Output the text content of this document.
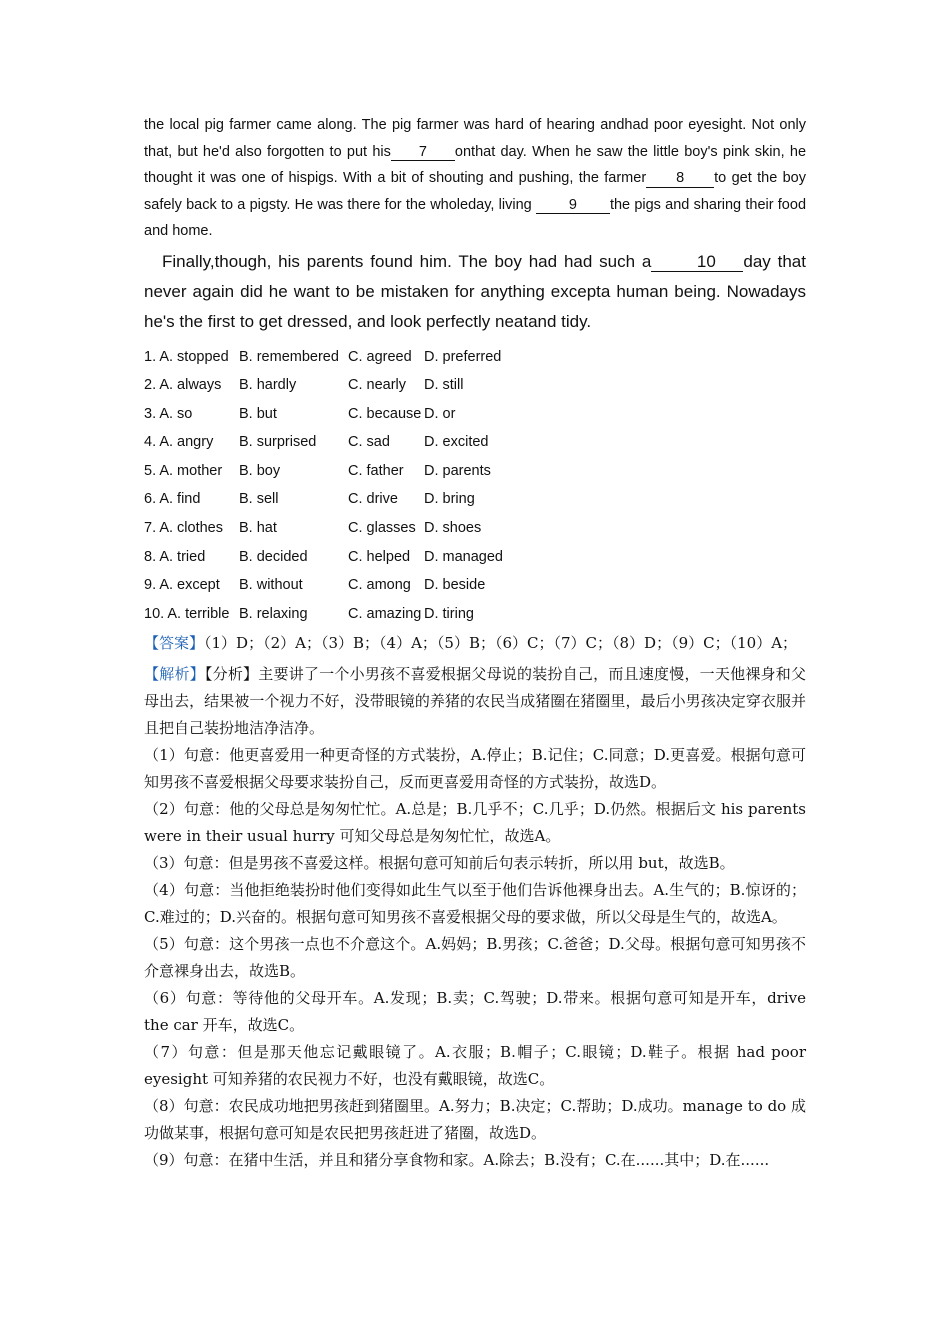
the local pig farmer came along. The pig farmer was hard of hearing andhad poor eyesight. Not only that, but he'd also forgotten to put his 7 onthat day. When he saw the little boy's pink skin, he thought it was one of hispigs. With a bit of shouting and pushing, the farmer 8 to get the boy safely back to a pigsty. He was there for the wholeday, living	9 the pigs and sharing their food and home.

Finally,though, his parents found him. The boy had had such a	10 day that never again did he want to be mistaken for anything excepta human being. Nowadays he's the first to get dressed, and look perfectly neatand tidy.

1. A. stopped B. remembered C. agreed D. preferred
2. A. always	B. hardly	C. nearly	D. still
3. A. so	B. but	C. because D. or
4. A. angry	B. surprised	C. sad	D. excited
5. A. mother	B. boy	C. father	D. parents
6. A. find	B. sell	C. drive	D. bring
7. A. clothes	B. hat	C. glasses D. shoes
8. A. tried	B. decided	C. helped D. managed
9. A. except	B. without	C. among D. beside
10. A. terrible B. relaxing	C. amazing D. tiring

【答案】（1）D；（2）A；（3）B；（4）A；（5）B；（6）C；（7）C；（8）D；（9）C；（10）A；

【解析】【分析】主要讲了一个小男孩不喜爱根据父母说的装扮自己，而且速度慢，一天他裸身和父母出去，结果被一个视力不好，没带眼镜的养猪的农民当成猪圈在猪圈里，最后小男孩决定穿衣服并且把自己装扮地洁净洁净。

（1）句意：他更喜爱用一种更奇怪的方式装扮，A.停止；B.记住；C.同意；D.更喜爱。根据句意可知男孩不喜爱根据父母要求装扮自己，反而更喜爱用奇怪的方式装扮，故选D。

（2）句意：他的父母总是匆匆忙忙。A.总是；B.几乎不；C.几乎；D.仍然。根据后文 his parents were in their usual hurry 可知父母总是匆匆忙忙，故选A。

（3）句意：但是男孩不喜爱这样。根据句意可知前后句表示转折，所以用 but，故选B。

（4）句意：当他拒绝装扮时他们变得如此生气以至于他们告诉他裸身出去。A.生气的；B.惊讶的；C.难过的；D.兴奋的。根据句意可知男孩不喜爱根据父母的要求做，所以父母是生气的，故选A。

（5）句意：这个男孩一点也不介意这个。A.妈妈；B.男孩；C.爸爸；D.父母。根据句意可知男孩不介意裸身出去，故选B。

（6）句意：等待他的父母开车。A.发现；B.卖；C.驾驶；D.带来。根据句意可知是开车，drive the car 开车，故选C。

（7）句意：但是那天他忘记戴眼镜了。A.衣服；B.帽子；C.眼镜；D.鞋子。根据 had poor eyesight 可知养猪的农民视力不好，也没有戴眼镜，故选C。

（8）句意：农民成功地把男孩赶到猪圈里。A.努力；B.决定；C.帮助；D.成功。manage to do 成功做某事，根据句意可知是农民把男孩赶进了猪圈，故选D。

（9）句意：在猪中生活，并且和猪分享食物和家。A.除去；B.没有；C.在......其中；D.在......
